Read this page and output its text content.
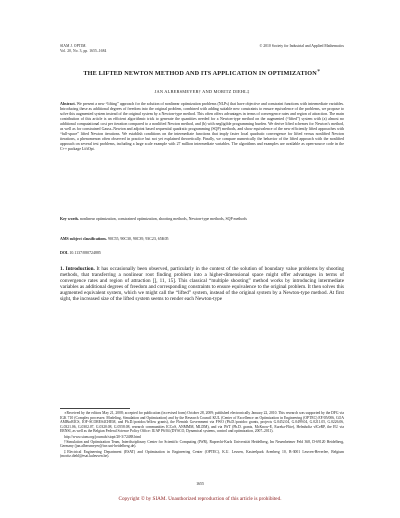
SIAM J. OPTIM.
Vol. 20, No. 3, pp. 1655–1684
© 2010 Society for Industrial and Applied Mathematics
THE LIFTED NEWTON METHOD AND ITS APPLICATION IN OPTIMIZATION∗
JAN ALBERSMEYER† AND MORITZ DIEHL‡
Abstract. We present a new “lifting” approach for the solution of nonlinear optimization problems (NLPs) that have objective and constraint functions with intermediate variables. Introducing these as additional degrees of freedom into the original problem, combined with adding suitable new constraints to ensure equivalence of the problems, we propose to solve this augmented system instead of the original system by a Newton-type method. This often offers advantages in terms of convergence rates and region of attraction. The main contribution of this article is an efficient algorithmic trick to generate the quantities needed for a Newton-type method on the augmented (“lifted”) system with (a) almost no additional computational cost per iteration compared to a nonlifted Newton method, and (b) with negligible programming burden. We derive lifted schemes for Newton’s method, as well as for constrained Gauss–Newton and adjoint based sequential quadratic programming (SQP) methods, and show equivalence of the new efficiently lifted approaches with “full-space” lifted Newton iterations. We establish conditions on the intermediate functions that imply faster local quadratic convergence for lifted versus nonlifted Newton iterations, a phenomenon often observed in practice but not yet explained theoretically. Finally, we compare numerically the behavior of the lifted approach with the nonlifted approach on several test problems, including a large scale example with 27 million intermediate variables. The algorithms and examples are available as open-source code in the C++ package LiftOpt.
Key words. nonlinear optimization, constrained optimization, shooting methods, Newton-type methods, SQP methods
AMS subject classifications. 90C55, 90C30, 90C39, 93C23, 65K05
DOI. 10.1137/080724885
1. Introduction. It has occasionally been observed, particularly in the context of the solution of boundary value problems by shooting methods, that transferring a nonlinear root finding problem into a higher-dimensional space might offer advantages in terms of convergence rates and region of attraction [], 11, 15]. This classical “multiple shooting” method works by introducing intermediate variables as additional degrees of freedom and corresponding constraints to ensure equivalence to the original problem. It then solves this augmented equivalent system, which we might call the “lifted” system, instead of the original system by a Newton-type method. At first sight, the increased size of the lifted system seems to render each Newton-type

∗Received by the editors May 21, 2008; accepted for publication (in revised form) October 28, 2009; published electronically January 22, 2010. This research was supported by the DFG via IGK 710 (Complex processes: Modeling, Simulation and Optimization) and by the Research Council KUL (Center of Excellence on Optimization in Engineering (OPTEC) EF/05/006, GOA AMBioRICS, IOF-SCORES4CHEM, and Ph.D./postdoc/fellow grants), the Flemish Government via FWO (Ph.D./postdoc grants, projects G.0452.04, G.0499.04, G.0211.05, G.0226.06, G.0321.06, G.0302.07, G.0320.08, G.0558.08, research communities ICCoS, ANMMM, MLDM), and via IWT (Ph.D. grants, McKnow-E, Eureka-Flite), Helmholtz vICeRP, the EU via ERNSI, as well as the Belgian Federal Science Policy Office: IUAP P6/04 (DYSCO, Dynamical systems, control and optimization, 2007–2011).

http://www.siam.org/journals/siopt/20-3/72488.html

†Simulation and Optimization Team, Interdisciplinary Center for Scientific Computing (IWR), Ruprecht-Karls Universität Heidelberg, Im Neuenheimer Feld 368, D-69120 Heidelberg, Germany (jan.albersmeyer@iwr.uni-heidelberg.de).

‡Electrical Engineering Department (ESAT) and Optimization in Engineering Center (OPTEC), K.U. Leuven, Kasteelpark Arenberg 10, B-3001 Leuven-Heverlee, Belgium (moritz.diehl@esat.kuleuven.be).

1655
Copyright © by SIAM. Unauthorized reproduction of this article is prohibited.
